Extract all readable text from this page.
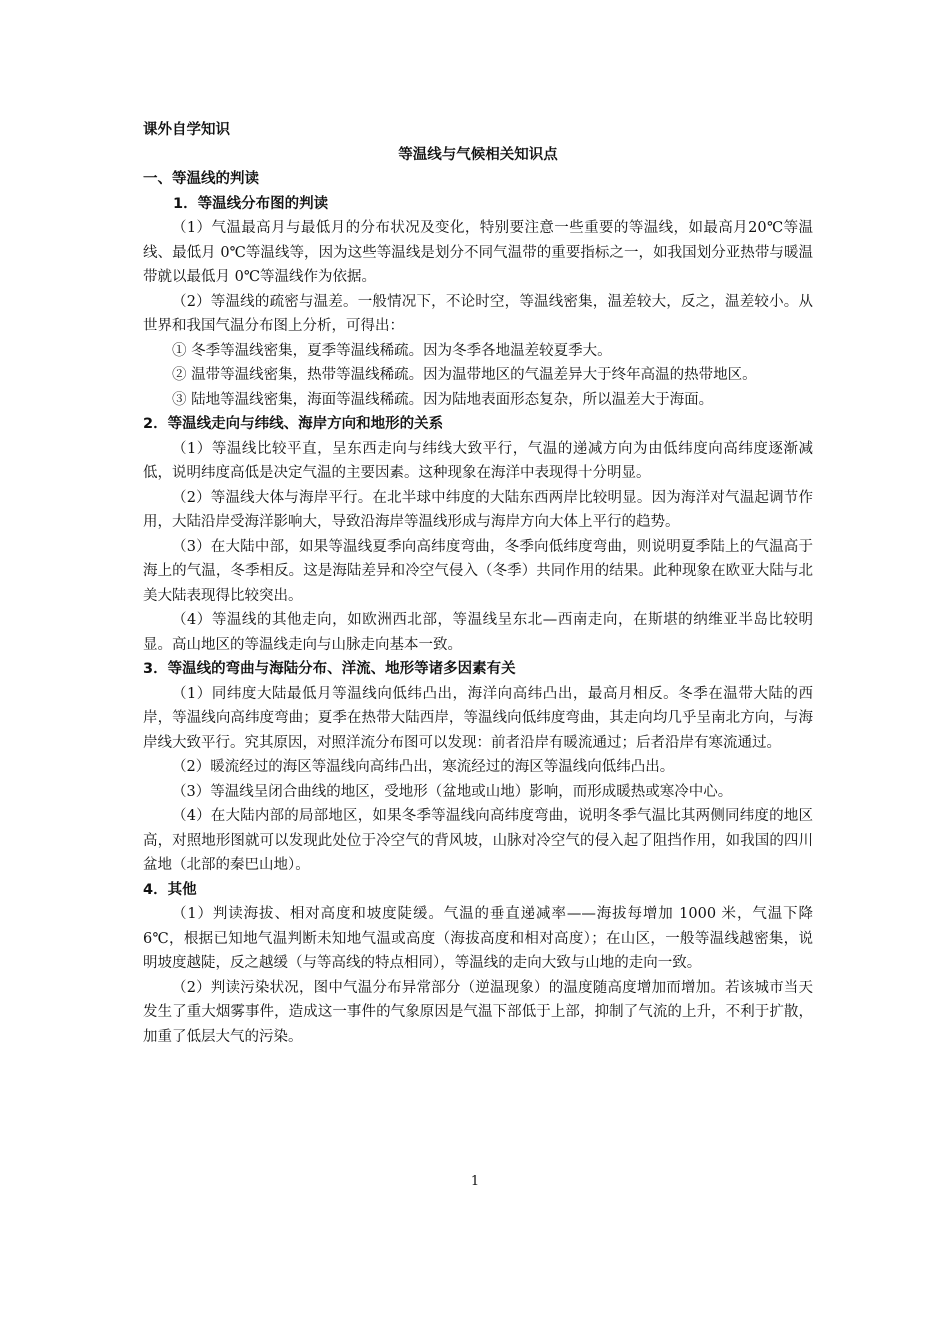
课外自学知识
等温线与气候相关知识点
一、等温线的判读
1．等温线分布图的判读

（1）气温最高月与最低月的分布状况及变化，特别要注意一些重要的等温线，如最高月20℃等温线、最低月 0℃等温线等，因为这些等温线是划分不同气温带的重要指标之一，如我国划分亚热带与暖温带就以最低月 0℃等温线作为依据。

（2）等温线的疏密与温差。一般情况下，不论时空，等温线密集，温差较大，反之，温差较小。从世界和我国气温分布图上分析，可得出：

① 冬季等温线密集，夏季等温线稀疏。因为冬季各地温差较夏季大。

② 温带等温线密集，热带等温线稀疏。因为温带地区的气温差异大于终年高温的热带地区。

③ 陆地等温线密集，海面等温线稀疏。因为陆地表面形态复杂，所以温差大于海面。

2．等温线走向与纬线、海岸方向和地形的关系

（1）等温线比较平直，呈东西走向与纬线大致平行，气温的递减方向为由低纬度向高纬度逐渐减低，说明纬度高低是决定气温的主要因素。这种现象在海洋中表现得十分明显。

（2）等温线大体与海岸平行。在北半球中纬度的大陆东西两岸比较明显。因为海洋对气温起调节作用，大陆沿岸受海洋影响大，导致沿海岸等温线形成与海岸方向大体上平行的趋势。

（3）在大陆中部，如果等温线夏季向高纬度弯曲，冬季向低纬度弯曲，则说明夏季陆上的气温高于海上的气温，冬季相反。这是海陆差异和冷空气侵入（冬季）共同作用的结果。此种现象在欧亚大陆与北美大陆表现得比较突出。

（4）等温线的其他走向，如欧洲西北部，等温线呈东北—西南走向，在斯堪的纳维亚半岛比较明显。高山地区的等温线走向与山脉走向基本一致。

3．等温线的弯曲与海陆分布、洋流、地形等诸多因素有关

（1）同纬度大陆最低月等温线向低纬凸出，海洋向高纬凸出，最高月相反。冬季在温带大陆的西岸，等温线向高纬度弯曲；夏季在热带大陆西岸，等温线向低纬度弯曲，其走向均几乎呈南北方向，与海岸线大致平行。究其原因，对照洋流分布图可以发现：前者沿岸有暖流通过；后者沿岸有寒流通过。

（2）暖流经过的海区等温线向高纬凸出，寒流经过的海区等温线向低纬凸出。

（3）等温线呈闭合曲线的地区，受地形（盆地或山地）影响，而形成暖热或寒冷中心。

（4）在大陆内部的局部地区，如果冬季等温线向高纬度弯曲，说明冬季气温比其两侧同纬度的地区高，对照地形图就可以发现此处位于冷空气的背风坡，山脉对冷空气的侵入起了阻挡作用，如我国的四川盆地（北部的秦巴山地）。

4．其他

（1）判读海拔、相对高度和坡度陡缓。气温的垂直递减率——海拔每增加 1000 米，气温下降 6℃，根据已知地气温判断未知地气温或高度（海拔高度和相对高度）；在山区，一般等温线越密集，说明坡度越陡，反之越缓（与等高线的特点相同），等温线的走向大致与山地的走向一致。

（2）判读污染状况，图中气温分布异常部分（逆温现象）的温度随高度增加而增加。若该城市当天发生了重大烟雾事件，造成这一事件的气象原因是气温下部低于上部，抑制了气流的上升，不利于扩散，加重了低层大气的污染。

1
